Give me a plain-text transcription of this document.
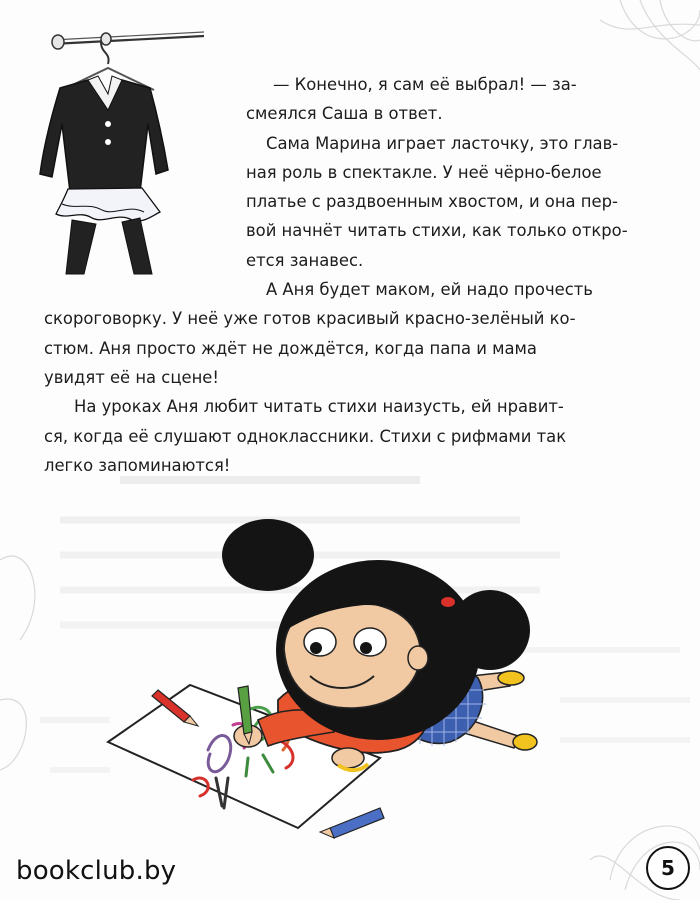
— Конечно, я сам её выбрал! — за-

смеялся Саша в ответ.

Сама Марина играет ласточку, это глав-

ная роль в спектакле. У неё чёрно-белое

платье с раздвоенным хвостом, и она пер-

вой начнёт читать стихи, как только откро-

ется занавес.

А Аня будет маком, ей надо прочесть

скороговорку. У неё уже готов красивый красно-зелёный ко-

стюм. Аня просто ждёт не дождётся, когда папа и мама

увидят её на сцене!

На уроках Аня любит читать стихи наизусть, ей нравит-

ся, когда её слушают одноклассники. Стихи с рифмами так

легко запоминаются!

bookclub.by	5
